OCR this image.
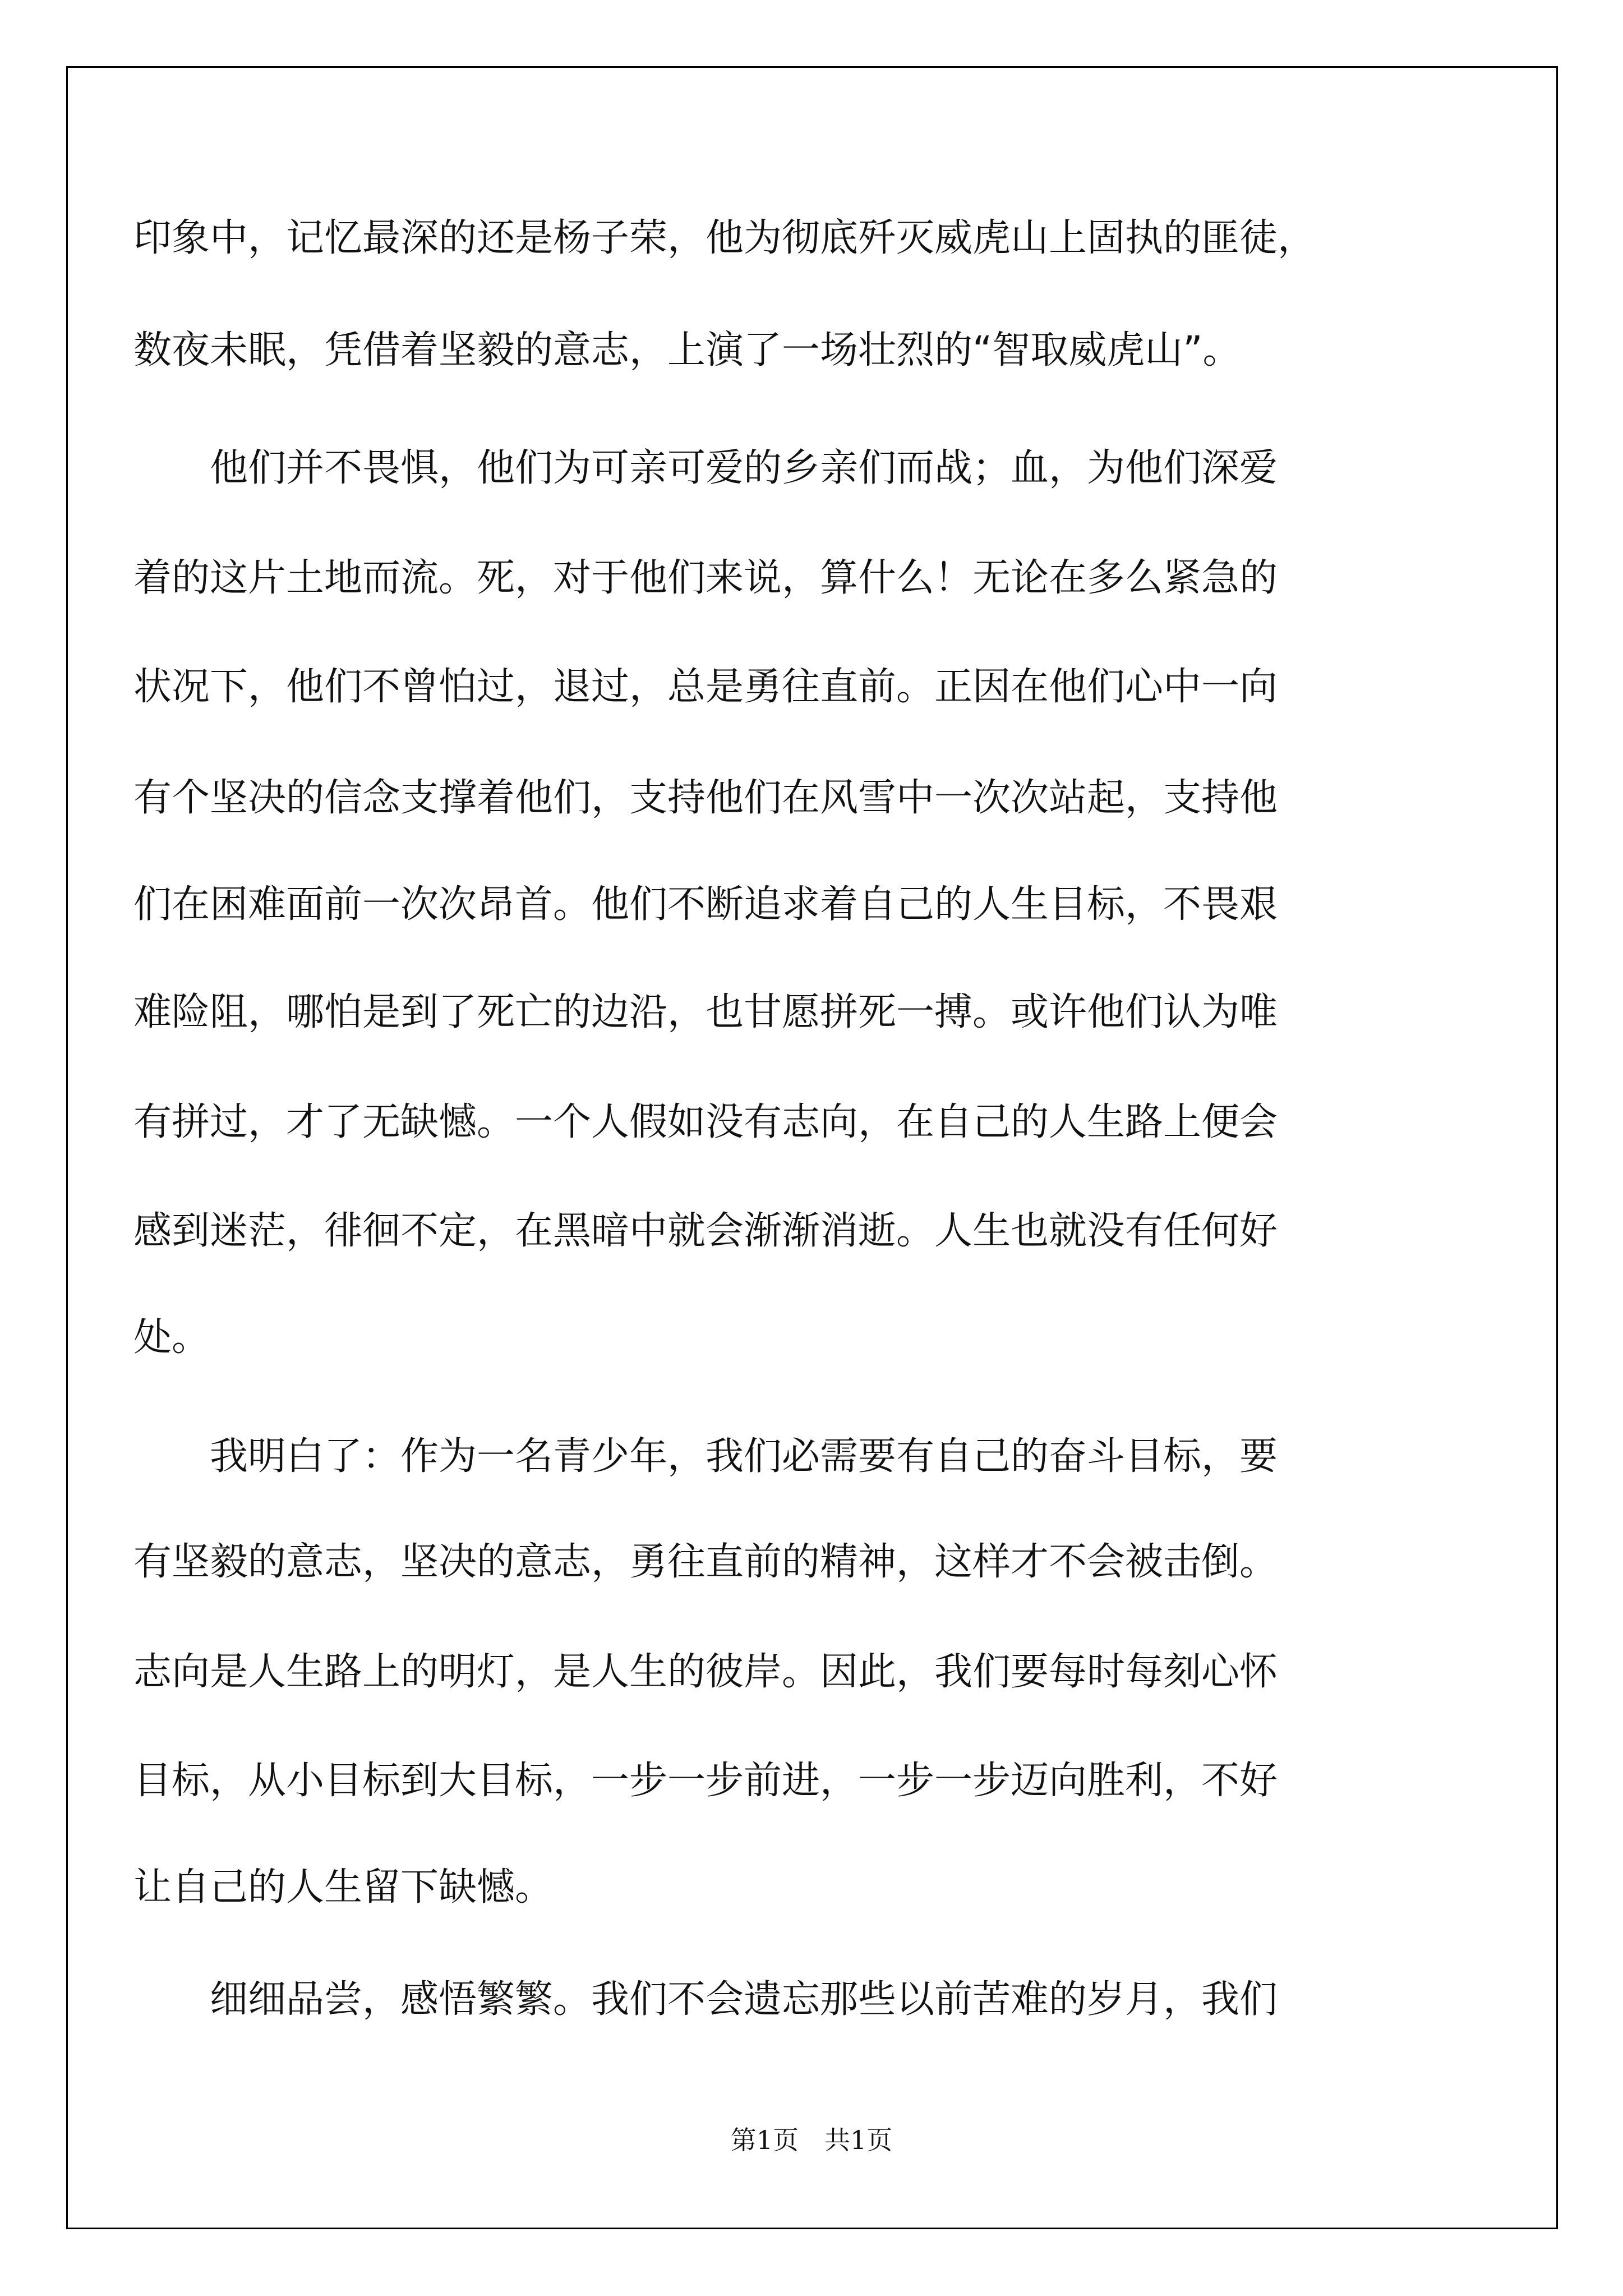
印象中，记忆最深的还是杨子荣，他为彻底歼灭威虎山上固执的匪徒，
数夜未眠，凭借着坚毅的意志，上演了一场壮烈的“智取威虎山”。
　　他们并不畏惧，他们为可亲可爱的乡亲们而战；血，为他们深爱
着的这片土地而流。死，对于他们来说，算什么！无论在多么紧急的
状况下，他们不曾怕过，退过，总是勇往直前。正因在他们心中一向
有个坚决的信念支撑着他们，支持他们在风雪中一次次站起，支持他
们在困难面前一次次昂首。他们不断追求着自己的人生目标，不畏艰
难险阻，哪怕是到了死亡的边沿，也甘愿拼死一搏。或许他们认为唯
有拼过，才了无缺憾。一个人假如没有志向，在自己的人生路上便会
感到迷茫，徘徊不定，在黑暗中就会渐渐消逝。人生也就没有任何好
处。
　　我明白了：作为一名青少年，我们必需要有自己的奋斗目标，要
有坚毅的意志，坚决的意志，勇往直前的精神，这样才不会被击倒。
志向是人生路上的明灯，是人生的彼岸。因此，我们要每时每刻心怀
目标，从小目标到大目标，一步一步前进，一步一步迈向胜利，不好
让自己的人生留下缺憾。
　　细细品尝，感悟繁繁。我们不会遗忘那些以前苦难的岁月，我们
第1页　共1页
